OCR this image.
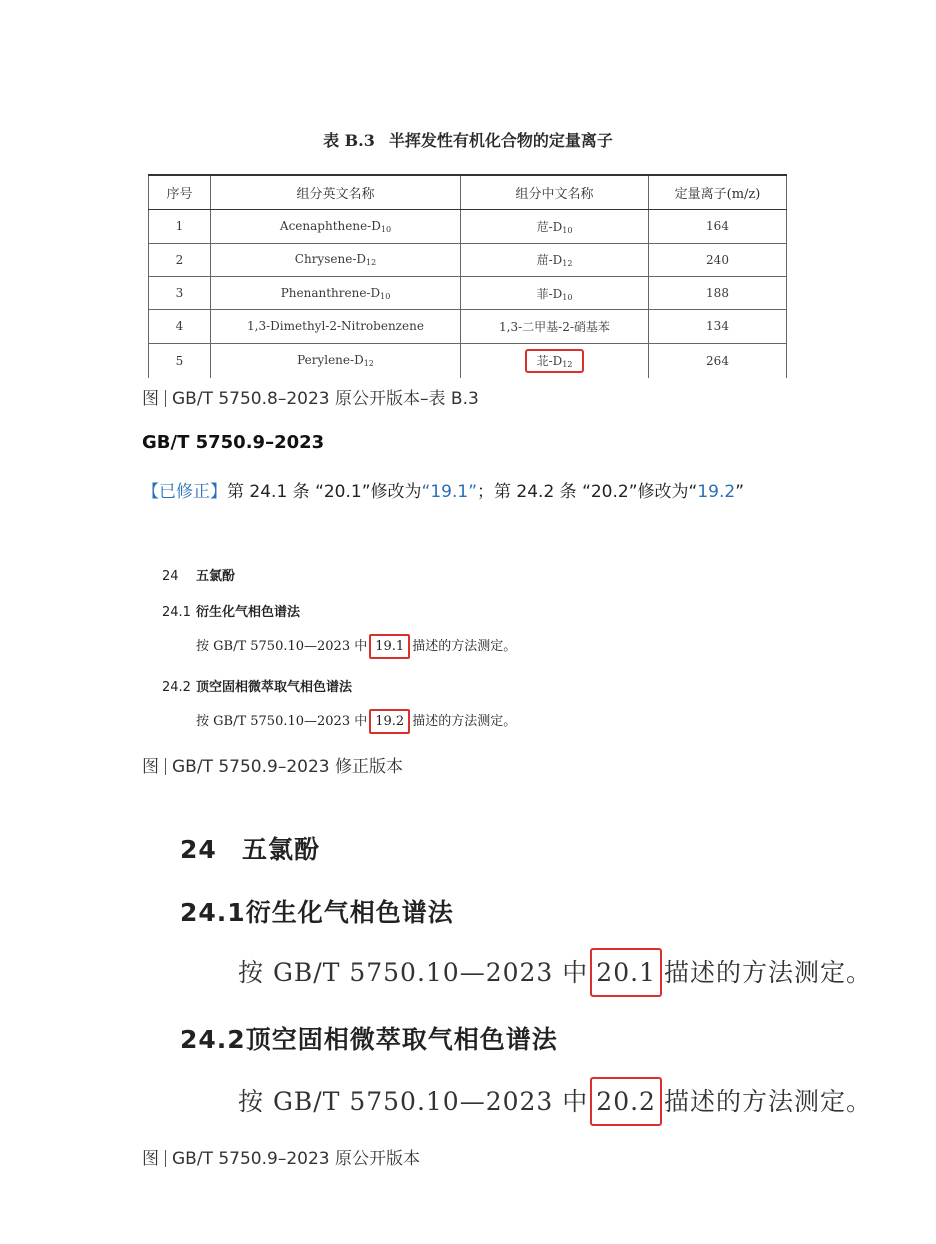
表 B.3 半挥发性有机化合物的定量离子
序号	组分英文名称	组分中文名称	定量离子(m/z)
1	Acenaphthene-$D_{10}$	苊$-D_{10}$	164
2	Chrysene-$D_{12}$	䓛$-D_{12}$	240
3	Phenanthrene-$D_{10}$	菲$-D_{10}$	188
4	1,3-Dimethyl-2-Nitrobenzene	1,3-二甲基-2-硝基苯	134
5	Perylene-$D_{12}$	苝$-D_{12}$	264
图 GB/T 5750.8–2023 原公开版本–表 B.3
GB/T 5750.9–2023
【已修正】第 24.1 条 “20.1”修改为“19.1”；第 24.2 条 “20.2”修改为“19.2”
24 五氯酚
24.1 衍生化气相色谱法
按 GB/T 5750.10—2023 中 19.1 描述的方法测定。
24.2 顶空固相微萃取气相色谱法
按 GB/T 5750.10—2023 中 19.2 描述的方法测定。
图 GB/T 5750.9–2023 修正版本
24 五氯酚
24.1衍生化气相色谱法
按 GB/T 5750.10—2023 中 20.1 描述的方法测定。
24.2顶空固相微萃取气相色谱法
按 GB/T 5750.10—2023 中 20.2 描述的方法测定。
图 GB/T 5750.9–2023 原公开版本
